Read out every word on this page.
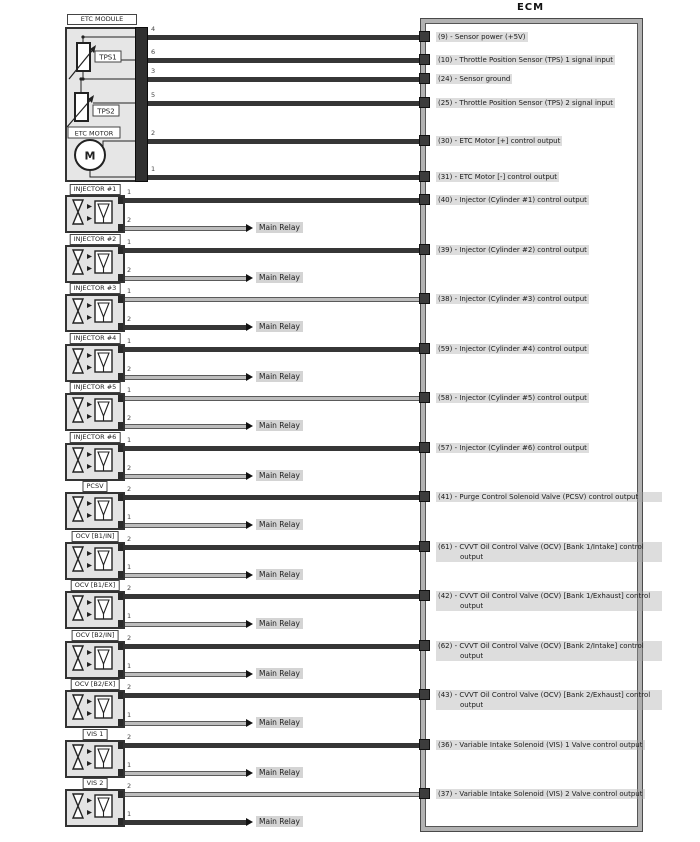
ECM
ETC MODULE
TPS1
TPS2
ETC MOTOR
M
4
(9) - Sensor power (+5V)
6
(10) - Throttle Position Sensor (TPS) 1 signal input
3
(24) - Sensor ground
5
(25) - Throttle Position Sensor (TPS) 2 signal input
2
(30) - ETC Motor [+] control output
1
(31) - ETC Motor [-] control output
Main Relay
INJECTOR #1	1
2
(40) - Injector (Cylinder #1) control output
Main Relay
INJECTOR #2	1
2
(39) - Injector (Cylinder #2) control output
Main Relay
INJECTOR #3	1
2
(38) - Injector (Cylinder #3) control output
Main Relay
INJECTOR #4	1
2
(59) - Injector (Cylinder #4) control output
Main Relay
INJECTOR #5	1
2
(58) - Injector (Cylinder #5) control output
Main Relay
INJECTOR #6	1
2
(57) - Injector (Cylinder #6) control output
Main Relay
PCSV	2
1
(41) - Purge Control Solenoid Valve (PCSV) control output
Main Relay
OCV [B1/IN]	2
1
(61) - CVVT Oil Control Valve (OCV) [Bank 1/Intake] control output
Main Relay
OCV [B1/EX]	2
1
(42) - CVVT Oil Control Valve (OCV) [Bank 1/Exhaust] control output
Main Relay
OCV [B2/IN]	2
1
(62) - CVVT Oil Control Valve (OCV) [Bank 2/Intake] control output
Main Relay
OCV [B2/EX]	2
1
(43) - CVVT Oil Control Valve (OCV) [Bank 2/Exhaust] control output
Main Relay
VIS 1	2
1
(36) - Variable Intake Solenoid (VIS) 1 Valve control output
Main Relay
VIS 2	2
1
(37) - Variable Intake Solenoid (VIS) 2 Valve control output
